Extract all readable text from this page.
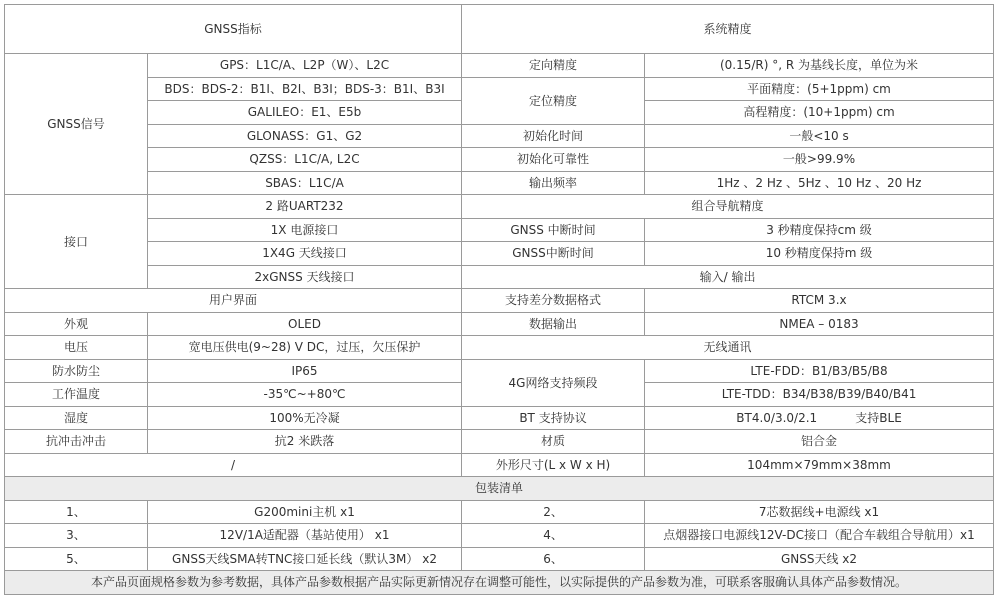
GNSS指标		系统精度	
GNSS信号	GPS：L1C/A、L2P（W）、L2C	定向精度	(0.15/R) °, R 为基线长度，单位为米
	BDS：BDS-2：B1I、B2I、B3I；BDS-3：B1I、B3I	定位精度	平面精度：(5+1ppm) cm
	GALILEO：E1、E5b		高程精度：(10+1ppm) cm
	GLONASS：G1、G2	初始化时间	一般<10 s
	QZSS：L1C/A, L2C	初始化可靠性	一般>99.9%
	SBAS：L1C/A	输出频率	1Hz 、2 Hz 、5Hz 、10 Hz 、20 Hz
接口	2 路UART232	组合导航精度	
	1X 电源接口	GNSS 中断时间	3 秒精度保持cm 级
	1X4G 天线接口	GNSS中断时间	10 秒精度保持m 级
	2xGNSS 天线接口	输入/ 输出	
用户界面		支持差分数据格式	RTCM 3.x
外观	OLED	数据输出	NMEA – 0183
电压	宽电压供电(9~28) V DC，过压，欠压保护	无线通讯	
防水防尘	IP65	4G网络支持频段	LTE-FDD：B1/B3/B5/B8
工作温度	-35℃~+80℃		LTE-TDD：B34/B38/B39/B40/B41
湿度	100%无冷凝	BT 支持协议	BT4.0/3.0/2.1          支持BLE
抗冲击冲击	抗2 米跌落	材质	铝合金
/		外形尺寸(L x W x H)	104mm×79mm×38mm
包装清单			
1、	G200mini主机 x1	2、	7芯数据线+电源线 x1
3、	12V/1A适配器（基站使用） x1	4、	点烟器接口电源线12V-DC接口（配合车载组合导航用）x1
5、	GNSS天线SMA转TNC接口延长线（默认3M） x2	6、	GNSS天线 x2
本产品页面规格参数为参考数据，具体产品参数根据产品实际更新情况存在调整可能性，以实际提供的产品参数为准，可联系客服确认具体产品参数情况。			
